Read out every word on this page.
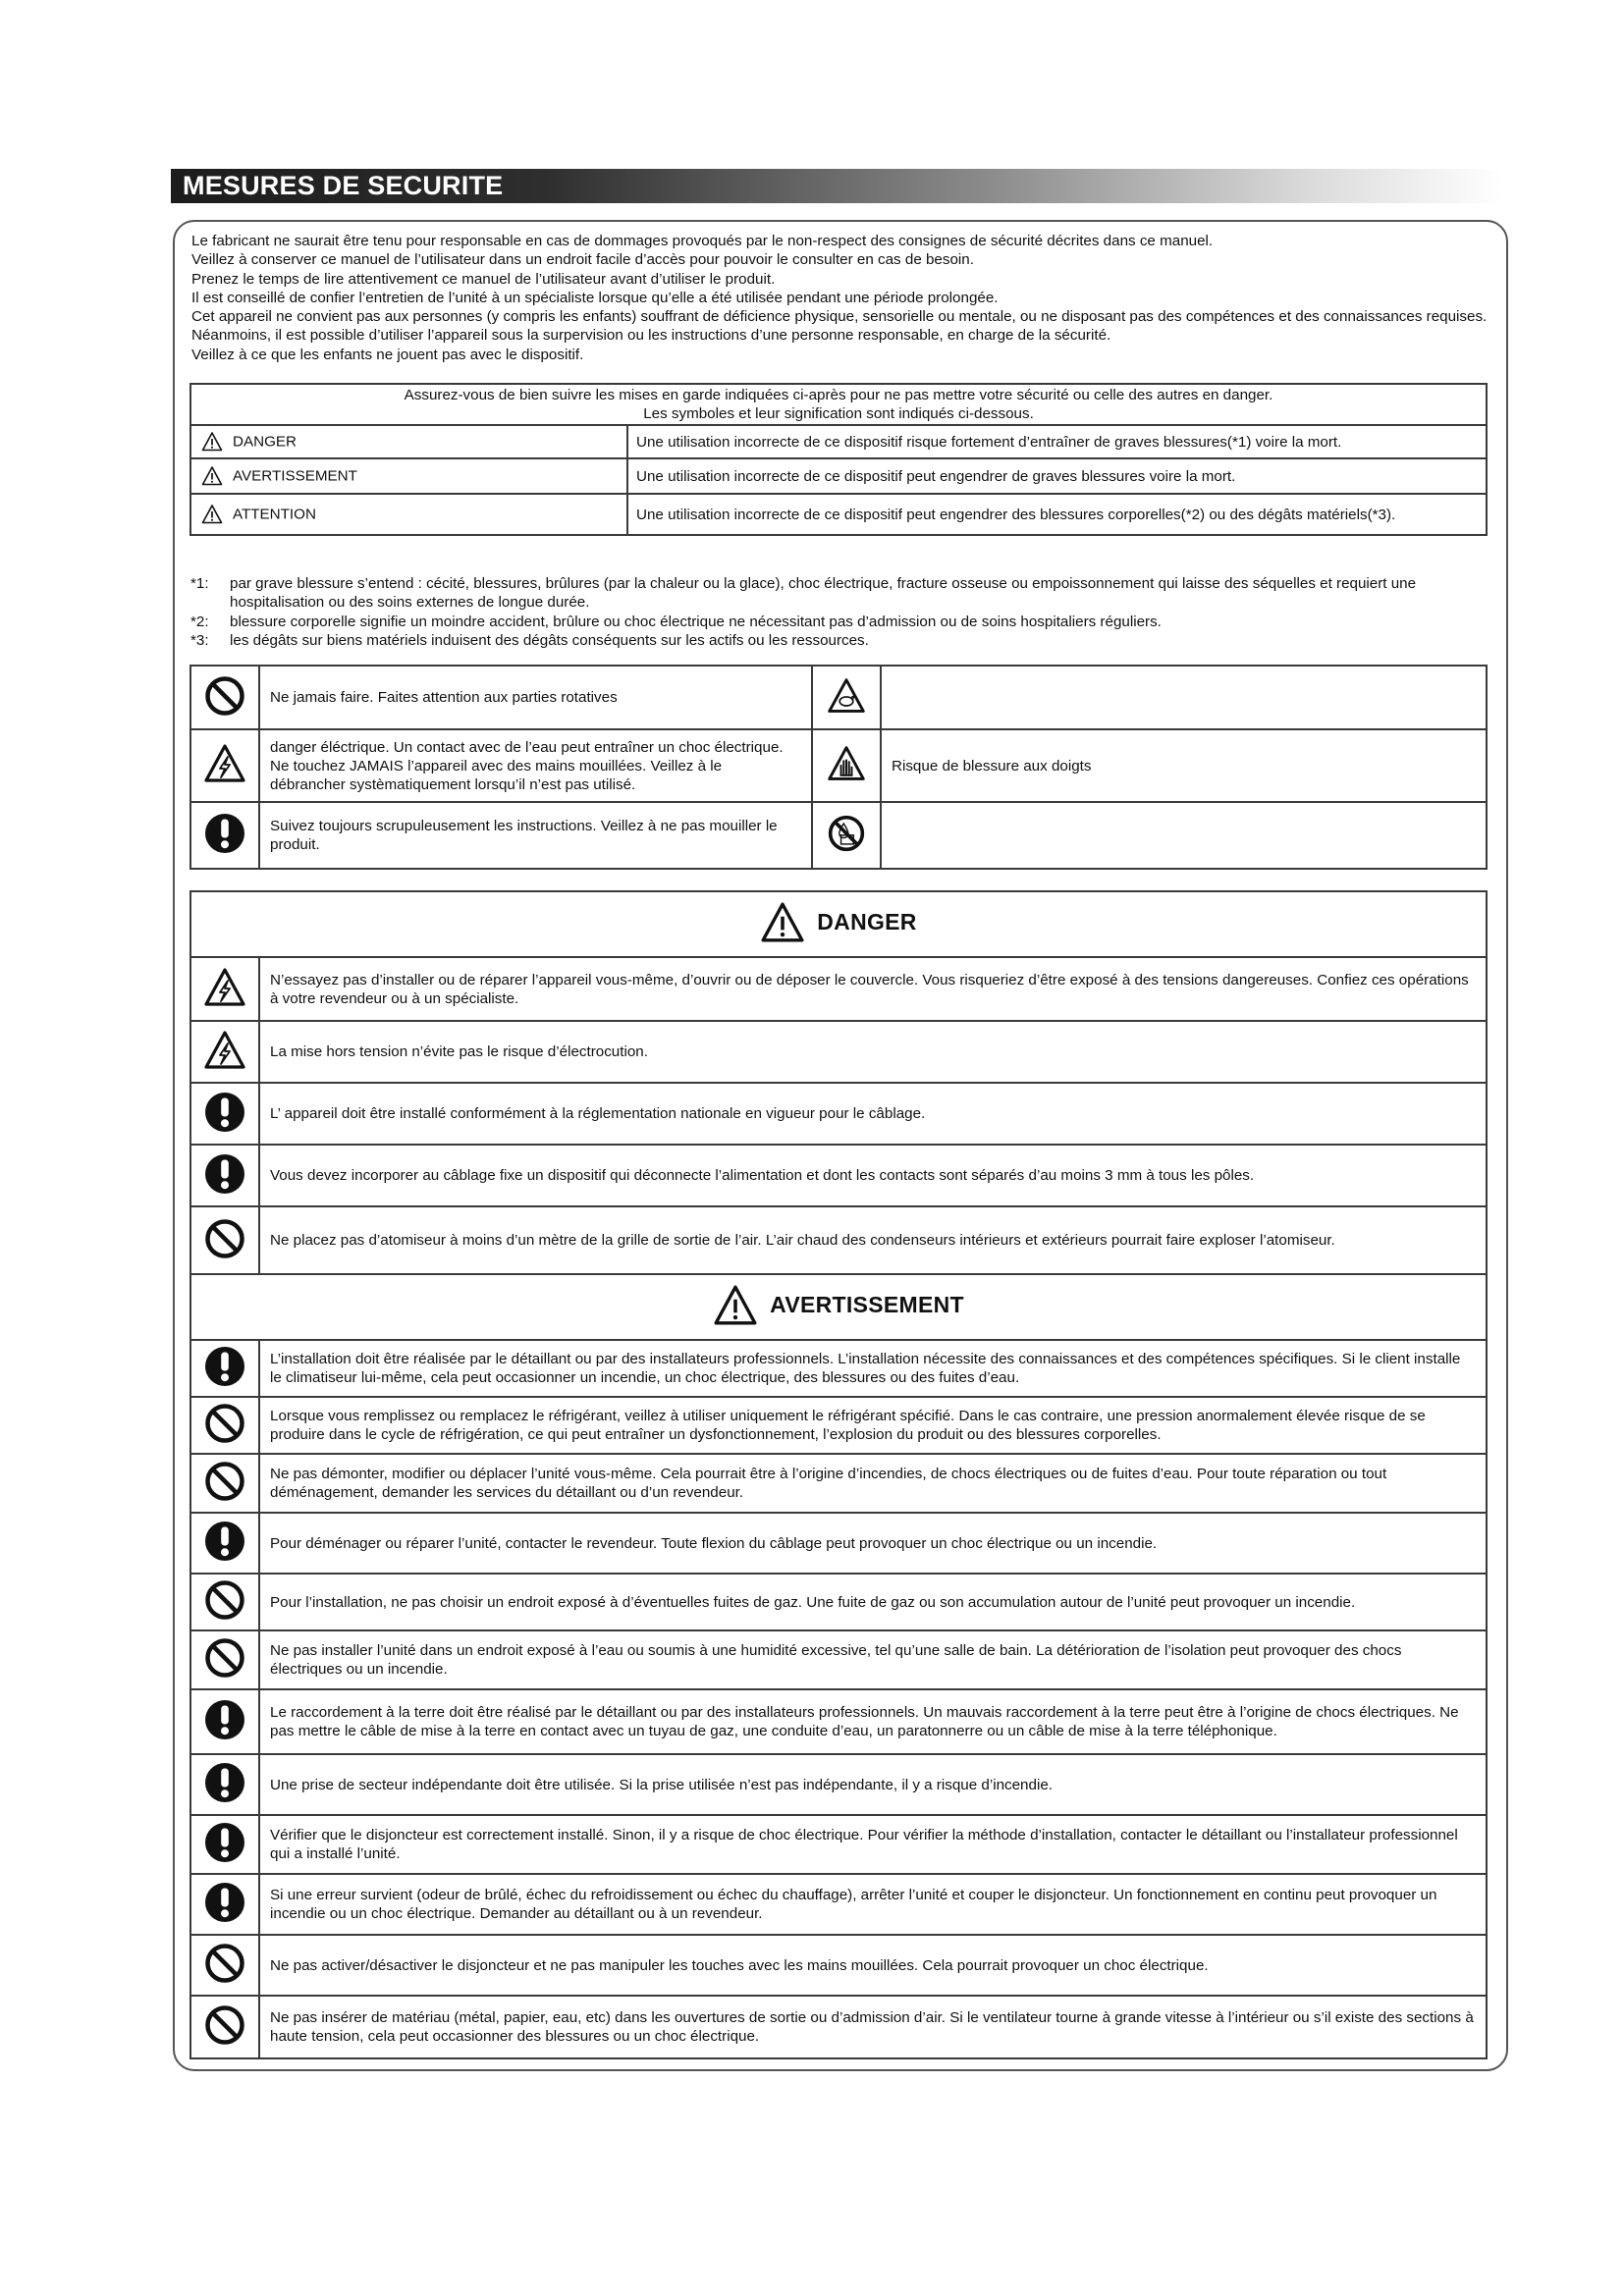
MESURES DE SECURITE

Le fabricant ne saurait être tenu pour responsable en cas de dommages provoqués par le non-respect des consignes de sécurité décrites dans ce manuel.

Veillez à conserver ce manuel de l’utilisateur dans un endroit facile d’accès pour pouvoir le consulter en cas de besoin.

Prenez le temps de lire attentivement ce manuel de l’utilisateur avant d’utiliser le produit.

Il est conseillé de confier l’entretien de l’unité à un spécialiste lorsque qu’elle a été utilisée pendant une période prolongée.

Cet appareil ne convient pas aux personnes (y compris les enfants) souffrant de déficience physique, sensorielle ou mentale, ou ne disposant pas des compétences et des connaissances requises. Néanmoins, il est possible d’utiliser l’appareil sous la surpervision ou les instructions d’une personne responsable, en charge de la sécurité.

Veillez à ce que les enfants ne jouent pas avec le dispositif.

Assurez-vous de bien suivre les mises en garde indiquées ci-après pour ne pas mettre votre sécurité ou celle des autres en danger.
Les symboles et leur signification sont indiqués ci-dessous.	

DANGER	Une utilisation incorrecte de ce dispositif risque fortement d’entraîner de graves blessures(*1) voire la mort.

AVERTISSEMENT	Une utilisation incorrecte de ce dispositif peut engendrer de graves blessures voire la mort.

ATTENTION	Une utilisation incorrecte de ce dispositif peut engendrer des blessures corporelles(*2) ou des dégâts matériels(*3).
*1:	par grave blessure s’entend : cécité, blessures, brûlures (par la chaleur ou la glace), choc électrique, fracture osseuse ou empoissonnement qui laisse des séquelles et requiert une hospitalisation ou des soins externes de longue durée.
*2:	blessure corporelle signifie un moindre accident, brûlure ou choc électrique ne nécessitant pas d’admission ou de soins hospitaliers réguliers.
*3:	les dégâts sur biens matériels induisent des dégâts conséquents sur les actifs ou les ressources.
	Ne jamais faire. Faites attention aux parties rotatives	

	danger éléctrique. Un contact avec de l’eau peut entraîner un choc électrique. Ne touchez JAMAIS l’appareil avec des mains mouillées. Veillez à le débrancher systèmatiquement lorsqu’il n’est pas utilisé.		Risque de blessure aux doigts

	Suivez toujours scrupuleusement les instructions. Veillez à ne pas mouiller le produit.	

DANGER	

	N’essayez pas d’installer ou de réparer l’appareil vous-même, d’ouvrir ou de déposer le couvercle. Vous risqueriez d’être exposé à des tensions dangereuses. Confiez ces opérations à votre revendeur ou à un spécialiste.

	La mise hors tension n’évite pas le risque d’électrocution.

	L’ appareil doit être installé conformément à la réglementation nationale en vigueur pour le câblage.

	Vous devez incorporer au câblage fixe un dispositif qui déconnecte l’alimentation et dont les contacts sont séparés d’au moins 3 mm à tous les pôles.

	Ne placez pas d’atomiseur à moins d’un mètre de la grille de sortie de l’air. L’air chaud des condenseurs intérieurs et extérieurs pourrait faire exploser l’atomiseur.

AVERTISSEMENT	

	L’installation doit être réalisée par le détaillant ou par des installateurs professionnels. L’installation nécessite des connaissances et des compétences spécifiques. Si le client installe le climatiseur lui-même, cela peut occasionner un incendie, un choc électrique, des blessures ou des fuites d’eau.

	Lorsque vous remplissez ou remplacez le réfrigérant, veillez à utiliser uniquement le réfrigérant spécifié. Dans le cas contraire, une pression anormalement élevée risque de se produire dans le cycle de réfrigération, ce qui peut entraîner un dysfonctionnement, l’explosion du produit ou des blessures corporelles.

	Ne pas démonter, modifier ou déplacer l’unité vous-même. Cela pourrait être à l’origine d’incendies, de chocs électriques ou de fuites d’eau. Pour toute réparation ou tout déménagement, demander les services du détaillant ou d’un revendeur.

	Pour déménager ou réparer l’unité, contacter le revendeur. Toute flexion du câblage peut provoquer un choc électrique ou un incendie.

	Pour l’installation, ne pas choisir un endroit exposé à d’éventuelles fuites de gaz. Une fuite de gaz ou son accumulation autour de l’unité peut provoquer un incendie.

	Ne pas installer l’unité dans un endroit exposé à l’eau ou soumis à une humidité excessive, tel qu’une salle de bain. La détérioration de l’isolation peut provoquer des chocs électriques ou un incendie.

	Le raccordement à la terre doit être réalisé par le détaillant ou par des installateurs professionnels. Un mauvais raccordement à la terre peut être à l’origine de chocs électriques. Ne pas mettre le câble de mise à la terre en contact avec un tuyau de gaz, une conduite d’eau, un paratonnerre ou un câble de mise à la terre téléphonique.

	Une prise de secteur indépendante doit être utilisée. Si la prise utilisée n’est pas indépendante, il y a risque d’incendie.

	Vérifier que le disjoncteur est correctement installé. Sinon, il y a risque de choc électrique. Pour vérifier la méthode d’installation, contacter le détaillant ou l’installateur professionnel qui a installé l’unité.

	Si une erreur survient (odeur de brûlé, échec du refroidissement ou échec du chauffage), arrêter l’unité et couper le disjoncteur. Un fonctionnement en continu peut provoquer un incendie ou un choc électrique. Demander au détaillant ou à un revendeur.

	Ne pas activer/désactiver le disjoncteur et ne pas manipuler les touches avec les mains mouillées. Cela pourrait provoquer un choc électrique.

	Ne pas insérer de matériau (métal, papier, eau, etc) dans les ouvertures de sortie ou d’admission d’air. Si le ventilateur tourne à grande vitesse à l’intérieur ou s’il existe des sections à haute tension, cela peut occasionner des blessures ou un choc électrique.
